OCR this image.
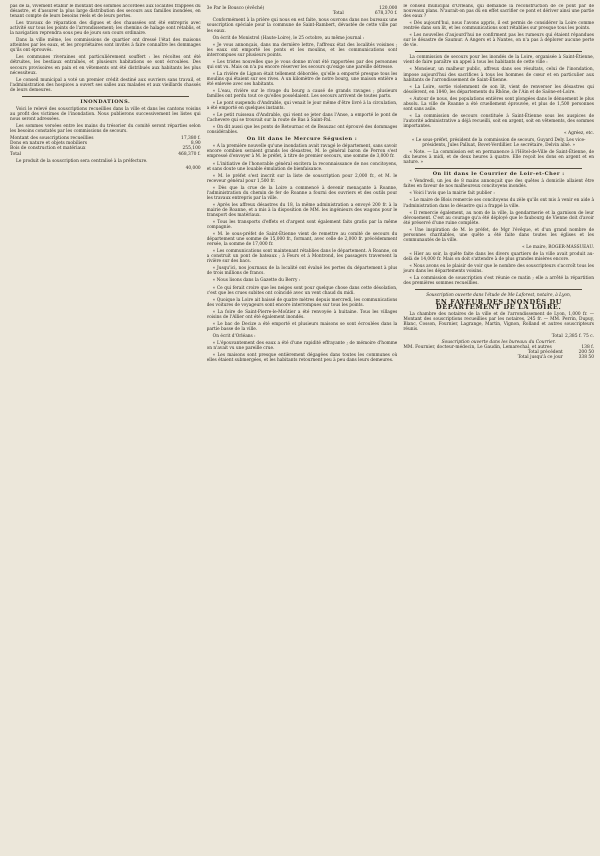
pas de là, vivement établir le montant des sommes accordées aux localités frappées du désastre, et d'assurer la plus large distribution des secours aux familles inondées, en tenant compte de leurs besoins réels et de leurs pertes.

Les travaux de réparation des digues et des chaussées ont été entrepris avec activité sur tous les points de l'arrondissement; les chemins de halage sont rétablis, et la navigation reprendra sous peu de jours son cours ordinaire.

Dans la ville même, les commissions de quartier ont dressé l'état des maisons atteintes par les eaux, et les propriétaires sont invités à faire connaître les dommages qu'ils ont éprouvés.

Les communes riveraines ont particulièrement souffert : les récoltes ont été détruites, les bestiaux entraînés, et plusieurs habitations se sont écroulées. Des secours provisoires en pain et en vêtements ont été distribués aux habitants les plus nécessiteux.

Le conseil municipal a voté un premier crédit destiné aux ouvriers sans travail, et l'administration des hospices a ouvert ses salles aux malades et aux vieillards chassés de leurs demeures.

INONDATIONS.

Voici le relevé des souscriptions recueillies dans la ville et dans les cantons voisins au profit des victimes de l'inondation. Nous publierons successivement les listes qui nous seront adressées.

Les sommes versées entre les mains du trésorier du comité seront réparties selon les besoins constatés par les commissions de secours.

Montant des souscriptions recueillies	17,380 f.
Dons en nature et objets mobiliers	8,90
Bois de construction et matériaux	255,100
Total	468,370 f.

Le produit de la souscription sera centralisé à la préfecture.

40,000

3e Par le Bousco (évêché)	120,000
Total	678,370 f.

Conformément à la prière qui nous en est faite, nous ouvrons dans nos bureaux une souscription spéciale pour la commune de Saint-Rambert, dévastée de cette ville par les eaux.

On écrit de Monistrol (Haute-Loire), le 25 octobre, au même journal :

« Je vous annonçais, dans ma dernière lettre, l'affreux état des localités voisines ; les eaux ont emporté les ponts et les moulins, et les communications sont interrompues sur plusieurs points.

« Les tristes nouvelles que je vous donne m'ont été rapportées par des personnes qui ont vu. Mais on n'a pu encore réserver les secours qu'exige une pareille détresse.

« La rivière de Lignon était tellement débordée, qu'elle a emporté presque tous les moulins qui étaient sur ses rives. A un kilomètre de notre bourg, une maison entière a été enlevée avec ses habitants.

« L'eau, rivière sur le rivage du bourg a causé de grands ravages ; plusieurs familles ont perdu tout ce qu'elles possédaient. Les secours arrivent de toutes parts.

« Le pont suspendu d'Andrable, qui venait le jour même d'être livré à la circulation, a été emporté en quelques instants.

« Le petit ruisseau d'Andrable, qui vient se jeter dans l'Anse, a emporté le pont de Cachevere qui se trouvait sur la route de Bas à Saint-Pal.

« On dit aussi que les ponts de Retournac et de Beauzac ont éprouvé des dommages considérables.

On lit dans le Mercure Ségusien :

« A la première nouvelle qu'une inondation avait ravagé le département, sans savoir encore combien seraient grands les désastres, M. le général baron de Perron s'est empressé d'envoyer à M. le préfet, à titre de premier secours, une somme de 3,000 fr.

« L'initiative de l'honorable général excitera la reconnaissance de nos concitoyens, et sans doute une louable émulation de bienfaisance.

« M. le préfet s'est inscrit sur la liste de souscription pour 2,000 fr., et M. le receveur général pour 1,500 fr.

« Dès que la crue de la Loire a commencé à devenir menaçante à Roanne, l'administration du chemin de fer de Roanne a fourni des ouvriers et des outils pour les travaux entrepris par la ville.

« Après les affreux désastres du 18, la même administration a envoyé 200 fr. à la mairie de Roanne, et a mis à la disposition de MM. les ingénieurs des wagons pour le transport des matériaux.

« Tous les transports d'effets et d'argent sont également faits gratis par la même compagnie.

« M. le sous-préfet de Saint-Étienne vient de remettre au comité de secours du département une somme de 15,000 fr., formant, avec celle de 2,000 fr. précédemment versée, la somme de 17,000 fr.

« Les communications sont maintenant rétablies dans le département. A Roanne, on a construit un pont de bateaux ; à Feurs et à Montrond, les passagers traversent la rivière sur des bacs.

« Jusqu'ici, nos journaux de la localité ont évalué les pertes du département à plus de trois millions de francs.

« Nous lisons dans la Gazette du Berry :

« Ce qui ferait croire que les neiges sont pour quelque chose dans cette désolation, c'est que les crues subites ont coïncidé avec un vent chaud du midi.

« Quoique la Loire ait baissé de quatre mètres depuis mercredi, les communications des voitures de voyageurs sont encore interrompues sur tous les points.

« La foire de Saint-Pierre-le-Moûtier a été renvoyée à huitaine. Tous les villages voisins de l'Allier ont été également inondés.

« Le bac de Decize a été emporté et plusieurs maisons se sont écroulées dans la partie basse de la ville.

On écrit d'Orléans :

« L'épouvantement des eaux a été d'une rapidité effrayante ; de mémoire d'homme on n'avait vu une pareille crue.

« Les maisons sont presque entièrement dégagées dans toutes les communes où elles étaient submergées, et les habitants retournent peu à peu dans leurs demeures.

le conseil municipal d'Orléans, qui demande la reconstruction de ce pont par de nouveaux plans. N'aurait-on pas dû en effet sacrifier ce pont et dériver ainsi une partie des eaux ?

« Dès aujourd'hui, nous l'avons appris, il est permis de considérer la Loire comme rentrée dans son lit, et les communications sont rétablies sur presque tous les points.

« Les nouvelles d'aujourd'hui ne confirment pas les rumeurs qui étaient répandues sur le désastre de Saumur. A Angers et à Nantes, on n'a pas à déplorer aucune perte de vie.

La commission de secours pour les inondés de la Loire, organisée à Saint-Étienne, vient de faire paraître un appel à tous les habitants de cette ville :

« Monsieur, un malheur public, affreux dans ses résultats, celui de l'inondation, impose aujourd'hui des sacrifices à tous les hommes de cœur et en particulier aux habitants de l'arrondissement de Saint-Étienne.

« La Loire, sortie violemment de son lit, vient de renverser les désastres qui désolèrent, en 1840, les départements du Rhône, de l'Ain et de Saône-et-Loire.

« Autour de nous, des populations entières sont plongées dans le dénuement le plus absolu. La ville de Roanne a été cruellement éprouvée, et plus de 1,500 personnes sont sans asile.

« La commission de secours constituée à Saint-Étienne sous les auspices de l'autorité administrative a déjà recueilli, soit en argent, soit en vêtements, des sommes importantes.

« Agréez, etc.

« Le sous-préfet, président de la commission de secours, Guyard Dely. Les vice-présidents, Jules Palluat, Bovet-Verdillier. Le secrétaire, Delvin aîné. »

« Note. — La commission est en permanence à l'Hôtel-de-Ville de Saint-Étienne, de dix heures à midi, et de deux heures à quatre. Elle reçoit les dons en argent et en nature. »

On lit dans le Courrier de Loir-et-Cher :

« Vendredi, un jeu de 8 mains annonçait que des quêtes à domicile allaient être faites en faveur de nos malheureux concitoyens inondés.

« Voici l'avis que la mairie fait publier :

« Le maire de Blois remercie ses concitoyens du zèle qu'ils ont mis à venir en aide à l'administration dans le désastre qui a frappé la ville.

« Il remercie également, au nom de la ville, la gendarmerie et la garnison de leur dévouement. C'est au courage qu'a été déployé que le faubourg de Vienne doit d'avoir été préservé d'une ruine complète.

« Une inspiration de M. le préfet, de Mgr l'évêque, et d'un grand nombre de personnes charitables, une quête a été faite dans toutes les églises et les communautés de la ville.

« Le maire, ROGER-MASSUEAU.

« Hier au soir, la quête faite dans les divers quartiers de la ville avait produit au-delà de 14,000 fr. Mais on doit s'attendre à de plus grandes misères encore.

« Nous avons eu le plaisir de voir que le nombre des souscripteurs s'accroît tous les jours dans les départements voisins.

« La commission de souscription s'est réunie ce matin ; elle a arrêté la répartition des premières sommes recueillies.

Souscription ouverte dans l'étude de Me Laforest, notaire, à Lyon,

EN FAVEUR DES INONDÉS DU DÉPARTEMENT DE LA LOIRE.

La chambre des notaires de la ville et de l'arrondissement de Lyon, 1,000 fr. — Montant des souscriptions recueillies par les notaires, 245 fr. — MM. Perrin, Dupuy, Blanc, Cosson, Fournier, Lagrange, Martin, Vignon, Rolland et autres souscripteurs réunis.

Total	2,385 f. 75 c.
Souscription ouverte dans les bureaux du Courrier.	
MM. Fournier, docteur-médecin, Le Gaudin, Lemarechal, et autres	138 f.
Total précédent	200 50
Total jusqu'à ce jour	338 50
